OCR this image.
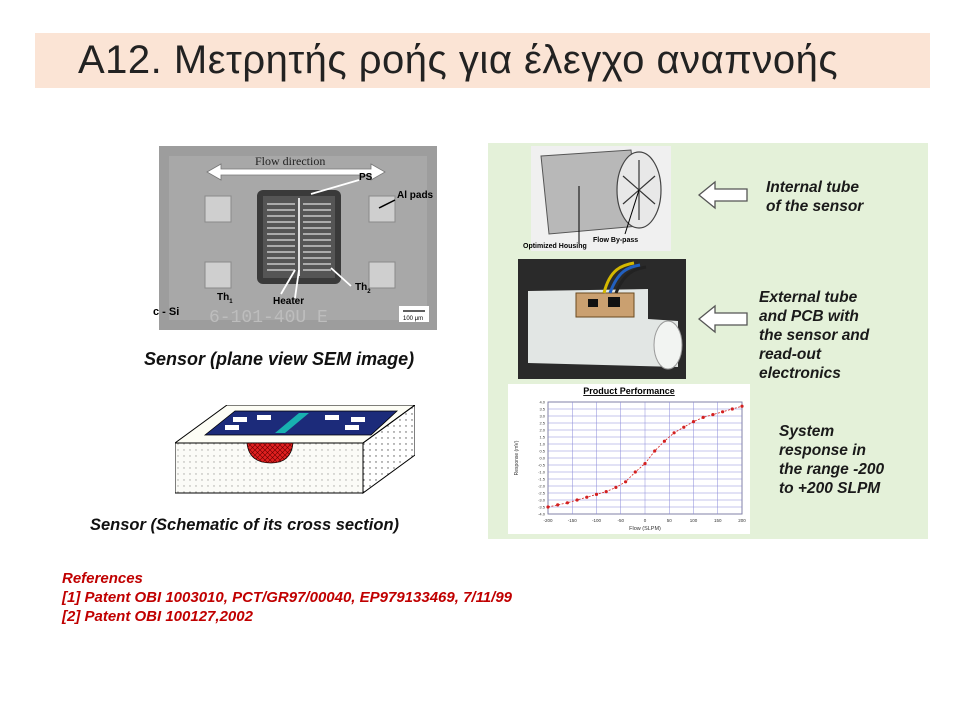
A12. Μετρητής ροής για έλεγχο αναπνοής
6-101-40U E	100 μm
Flow direction
PS
Al pads
$Th_1$	Heater
$Th_2$
c - Si
Sensor (plane view SEM image)
Sensor (Schematic of its cross section)
References
[1] Patent OBI 1003010, PCT/GR97/00040, EP979133469, 7/11/99
[2] Patent OBI 100127,2002
Flow By-pass
Optimized Housing
Product Performance
-200	-150	-100	-50	0	50	100	150	200
-4.0
-3.5
-3.0
-2.5
-2.0
-1.5
-1.0
-0.5
0.0
0.5
1.0
1.5
2.0
2.5
3.0
3.5
4.0
Flow (SLPM)
Response (mV)
Internal tube
of the sensor
External tube
and PCB with
the sensor and
read-out
electronics
System
response in
the range -200
to +200 SLPM
